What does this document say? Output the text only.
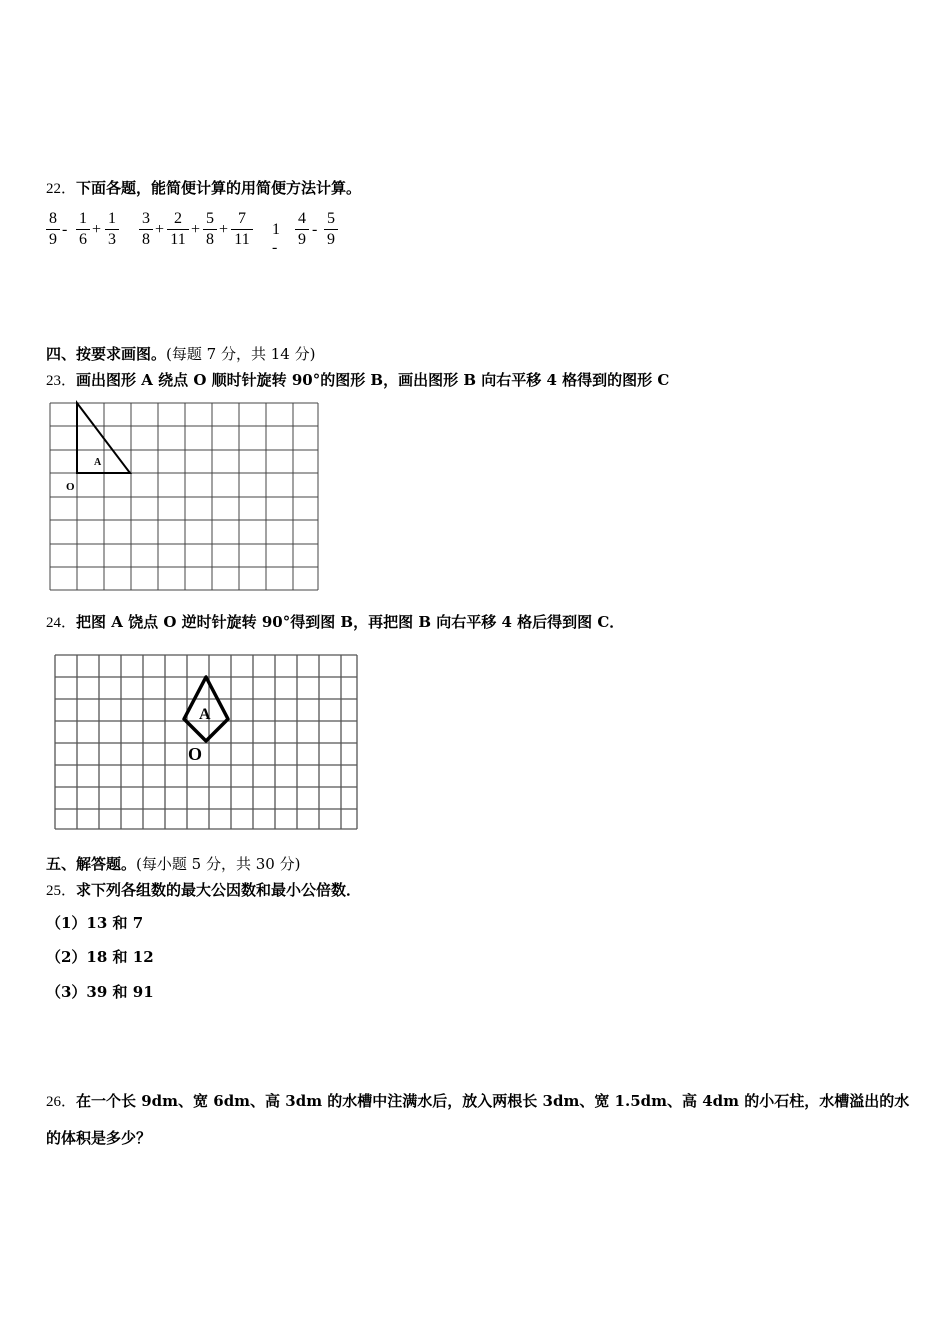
22．下面各题，能简便计算的用简便方法计算。
8
9
-
1
6
+
1
3
3
8
+
2
11
+
5
8
+
7
11
1 -
4
9
-
5
9
四、按要求画图。(每题 7 分，共 14 分)
23．画出图形 A 绕点 O 顺时针旋转 90°的图形 B，画出图形 B 向右平移 4 格得到的图形 C
A
O
24．把图 A 饶点 O 逆时针旋转 90°得到图 B，再把图 B 向右平移 4 格后得到图 C．
A
O
五、解答题。(每小题 5 分，共 30 分)
25．求下列各组数的最大公因数和最小公倍数．
（1）13 和 7
（2）18 和 12
（3）39 和 91
26．在一个长 9dm、宽 6dm、高 3dm 的水槽中注满水后，放入两根长 3dm、宽 1.5dm、高 4dm 的小石柱，水槽溢出的水
的体积是多少？
